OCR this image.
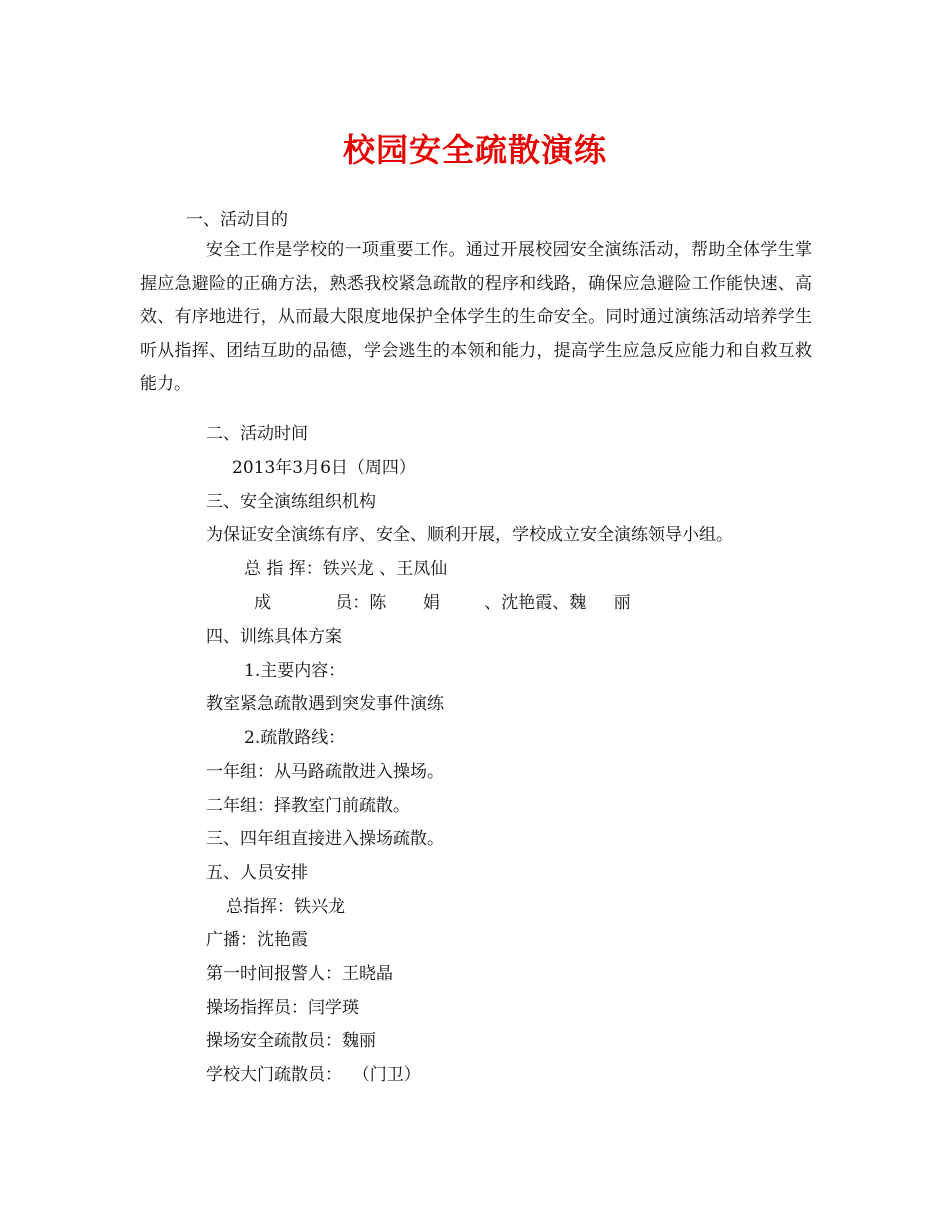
校园安全疏散演练
一、活动目的
安全工作是学校的一项重要工作。通过开展校园安全演练活动，帮助全体学生掌握应急避险的正确方法，熟悉我校紧急疏散的程序和线路，确保应急避险工作能快速、高效、有序地进行，从而最大限度地保护全体学生的生命安全。同时通过演练活动培养学生听从指挥、团结互助的品德，学会逃生的本领和能力，提高学生应急反应能力和自救互救能力。
二、活动时间
2013年3月6日（周四）
三、安全演练组织机构
为保证安全演练有序、安全、顺利开展，学校成立安全演练领导小组。
总 指 挥：铁兴龙 、王凤仙
成	员：陈 娟	、沈艳霞、魏 丽
四、训练具体方案
1.主要内容：
教室紧急疏散遇到突发事件演练
2.疏散路线：
一年组：从马路疏散进入操场。
二年组：择教室门前疏散。
三、四年组直接进入操场疏散。
五、人员安排
总指挥：铁兴龙
广播：沈艳霞
第一时间报警人：王晓晶
操场指挥员：闫学瑛
操场安全疏散员：魏丽
学校大门疏散员：  （门卫）
